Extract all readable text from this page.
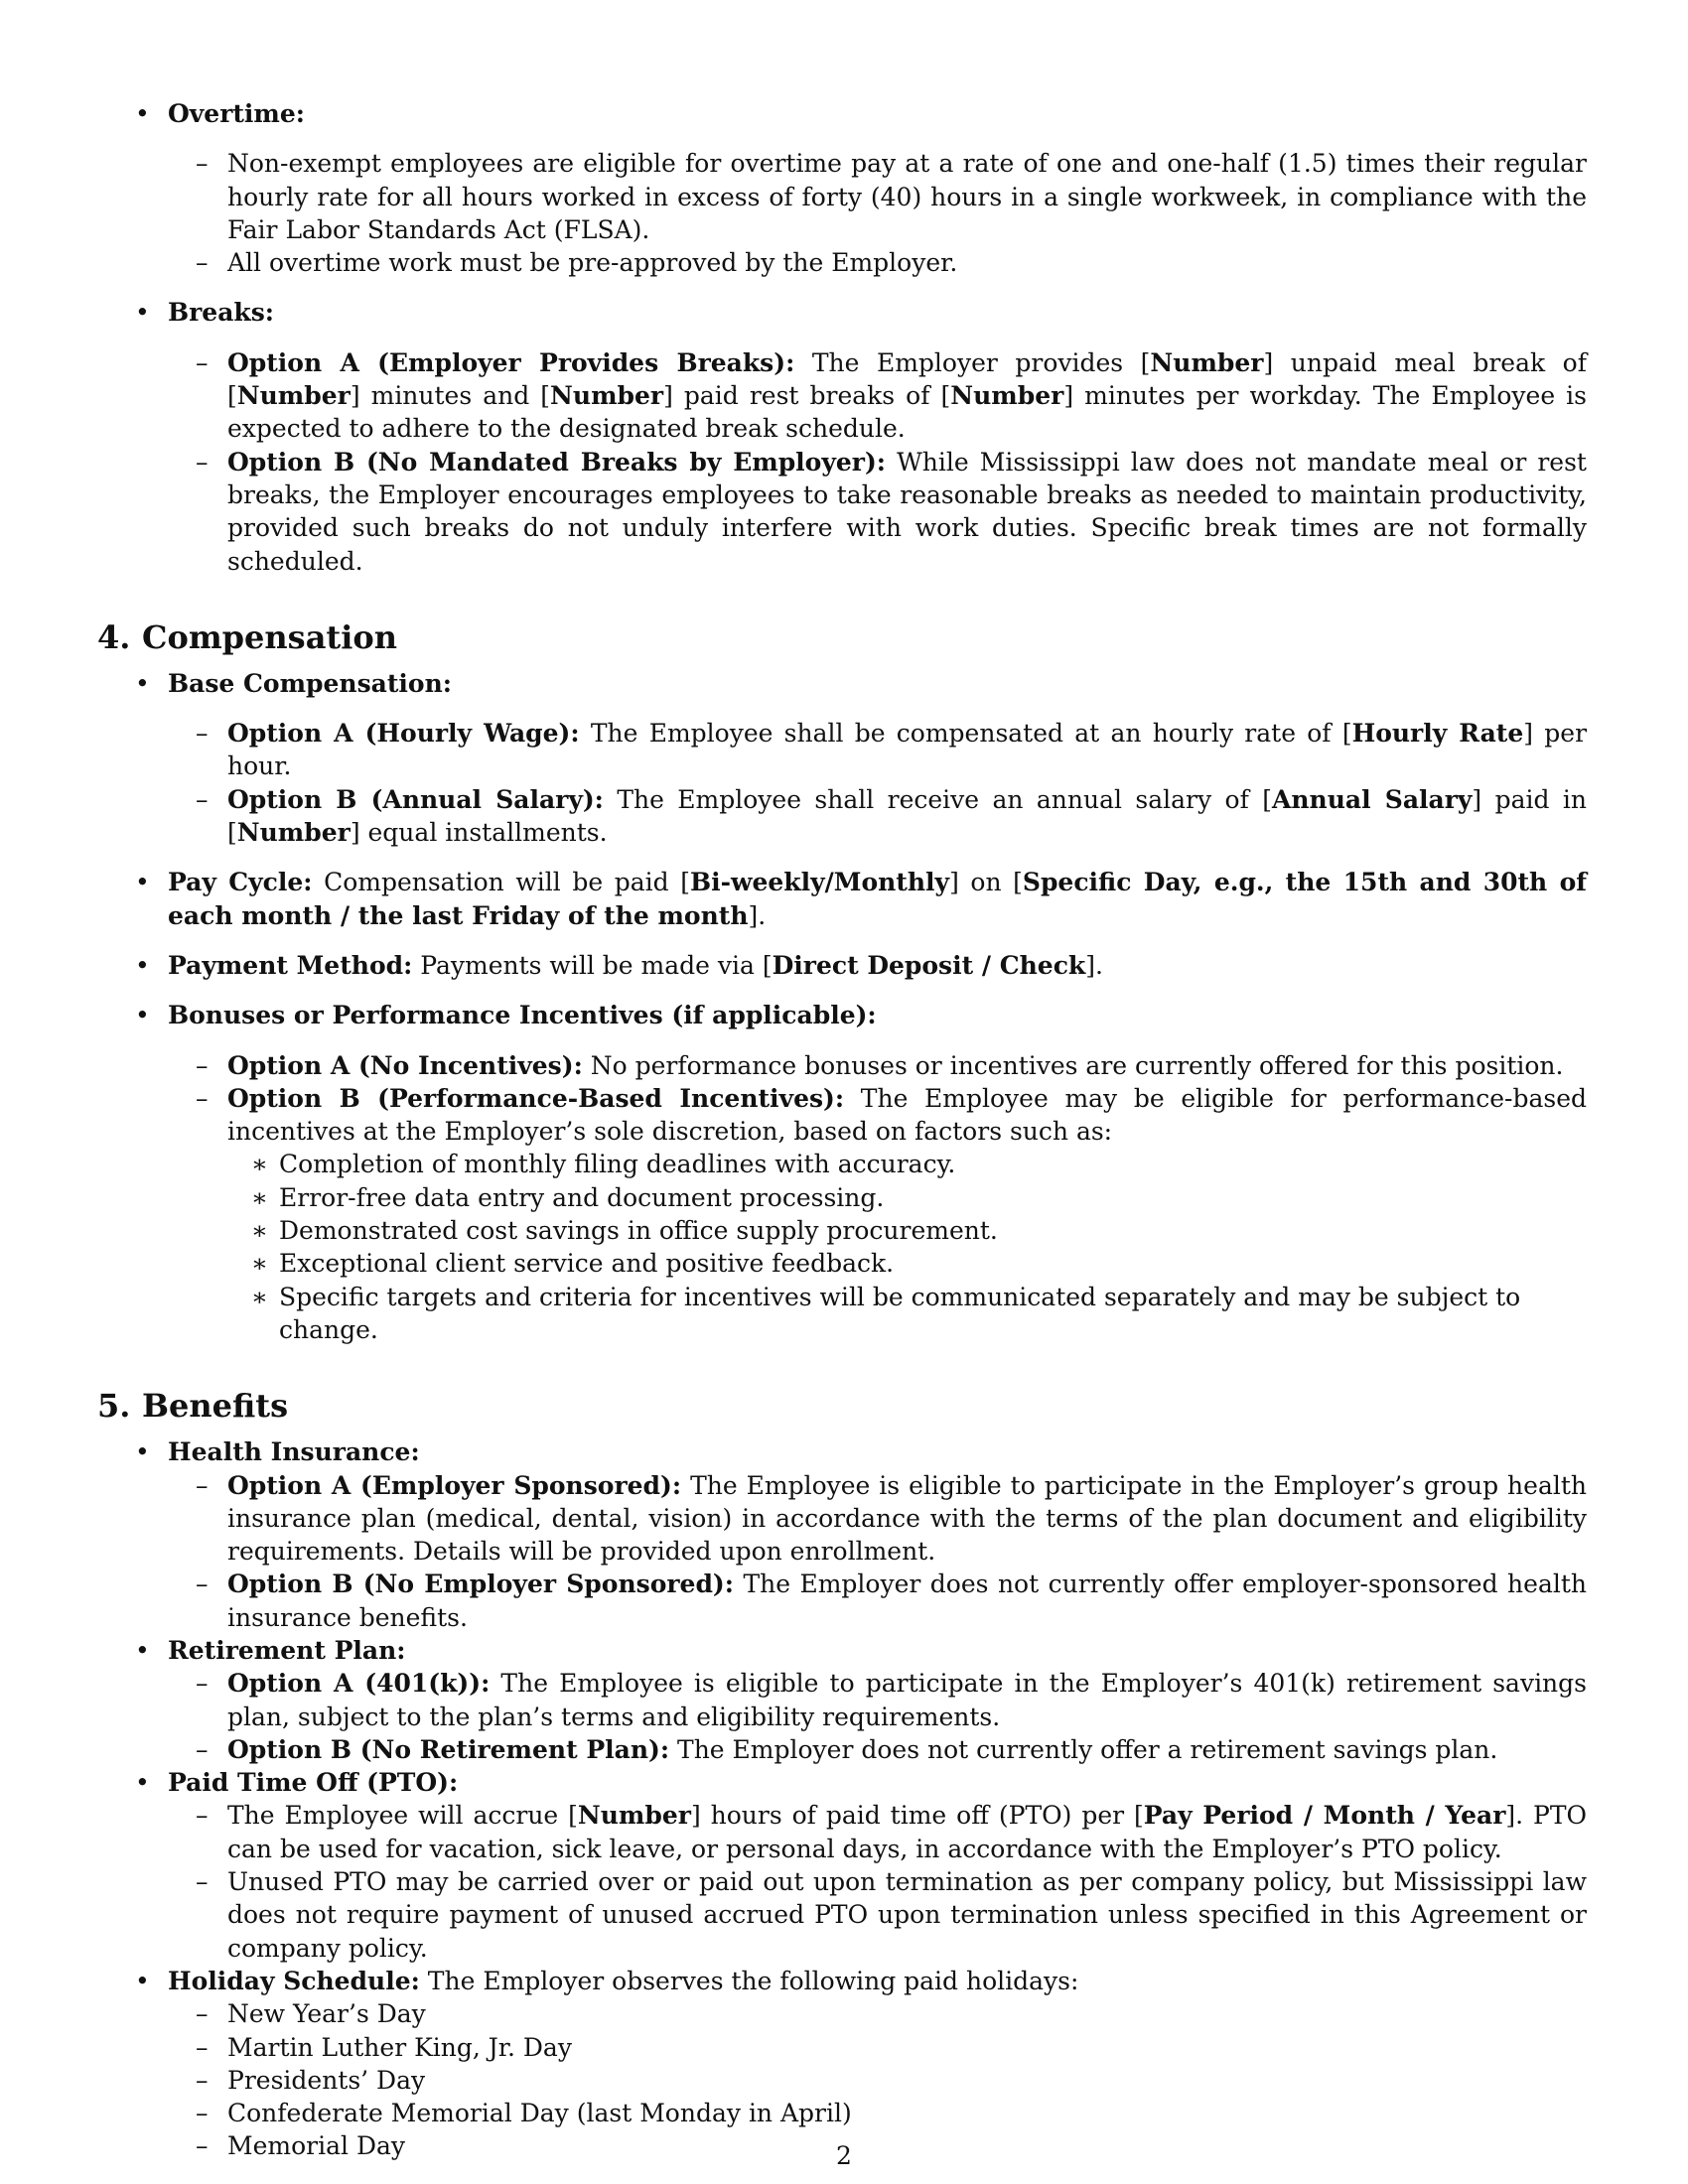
• Overtime:
– Non-exempt employees are eligible for overtime pay at a rate of one and one-half (1.5) times their regular hourly rate for all hours worked in excess of forty (40) hours in a single workweek, in compliance with the Fair Labor Standards Act (FLSA).
– All overtime work must be pre-approved by the Employer.
• Breaks:
– Option A (Employer Provides Breaks): The Employer provides [Number] unpaid meal break of [Number] minutes and [Number] paid rest breaks of [Number] minutes per workday. The Employee is expected to adhere to the designated break schedule.
– Option B (No Mandated Breaks by Employer): While Mississippi law does not mandate meal or rest breaks, the Employer encourages employees to take reasonable breaks as needed to maintain productivity, provided such breaks do not unduly interfere with work duties. Specific break times are not formally scheduled.
4. Compensation
• Base Compensation:
– Option A (Hourly Wage): The Employee shall be compensated at an hourly rate of [Hourly Rate] per hour.
– Option B (Annual Salary): The Employee shall receive an annual salary of [Annual Salary] paid in [Number] equal installments.
• Pay Cycle: Compensation will be paid [Bi-weekly/Monthly] on [Specific Day, e.g., the 15th and 30th of each month / the last Friday of the month].
• Payment Method: Payments will be made via [Direct Deposit / Check].
• Bonuses or Performance Incentives (if applicable):
– Option A (No Incentives): No performance bonuses or incentives are currently offered for this position.
– Option B (Performance-Based Incentives): The Employee may be eligible for performance-based incentives at the Employer’s sole discretion, based on factors such as:
∗ Completion of monthly filing deadlines with accuracy.
∗ Error-free data entry and document processing.
∗ Demonstrated cost savings in office supply procurement.
∗ Exceptional client service and positive feedback.
∗ Specific targets and criteria for incentives will be communicated separately and may be subject to change.
5. Benefits
• Health Insurance:
– Option A (Employer Sponsored): The Employee is eligible to participate in the Employer’s group health insurance plan (medical, dental, vision) in accordance with the terms of the plan document and eligibility requirements. Details will be provided upon enrollment.
– Option B (No Employer Sponsored): The Employer does not currently offer employer-sponsored health insurance benefits.
• Retirement Plan:
– Option A (401(k)): The Employee is eligible to participate in the Employer’s 401(k) retirement savings plan, subject to the plan’s terms and eligibility requirements.
– Option B (No Retirement Plan): The Employer does not currently offer a retirement savings plan.
• Paid Time Off (PTO):
– The Employee will accrue [Number] hours of paid time off (PTO) per [Pay Period / Month / Year]. PTO can be used for vacation, sick leave, or personal days, in accordance with the Employer’s PTO policy.
– Unused PTO may be carried over or paid out upon termination as per company policy, but Mississippi law does not require payment of unused accrued PTO upon termination unless specified in this Agreement or company policy.
• Holiday Schedule: The Employer observes the following paid holidays:
– New Year’s Day
– Martin Luther King, Jr. Day
– Presidents’ Day
– Confederate Memorial Day (last Monday in April)
– Memorial Day	2
